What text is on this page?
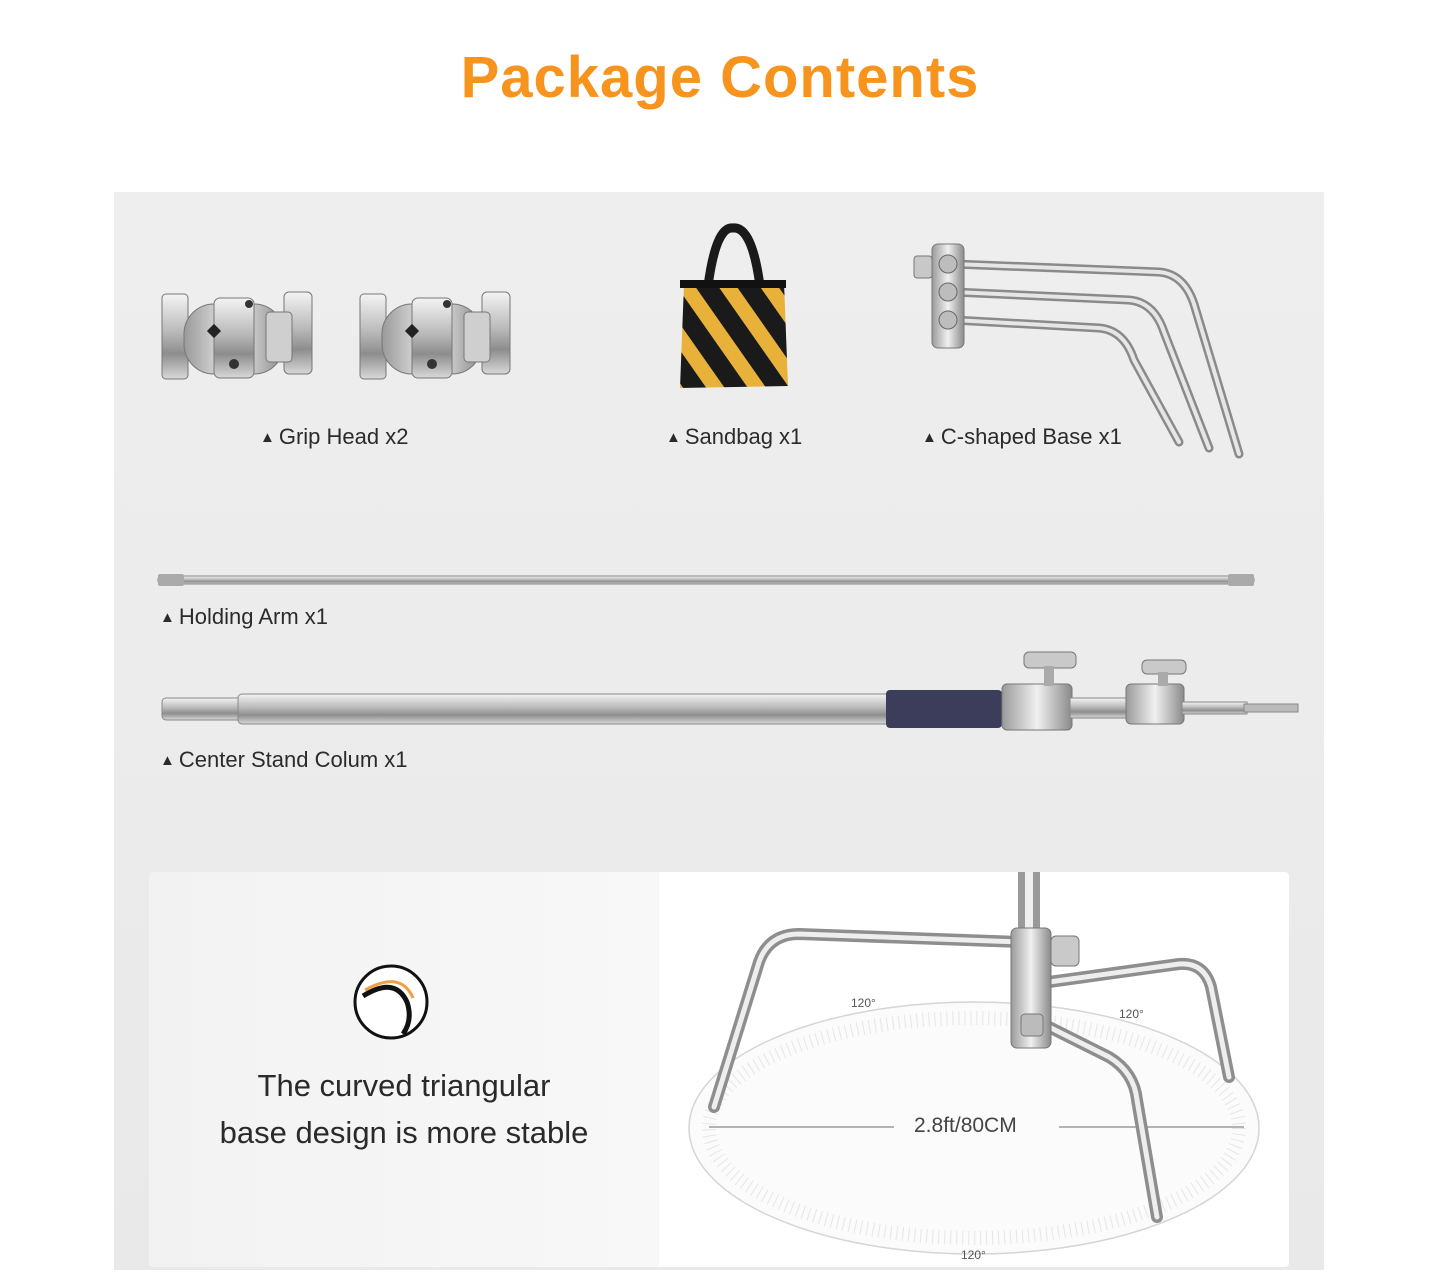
Package Contents
▲ Grip Head x2	▲ Sandbag x1	▲ C-shaped Base x1
▲ Holding Arm x1
▲ Center Stand Colum x1
The curved triangular
base design is more stable	2.8ft/80CM
120°
120°
120°
